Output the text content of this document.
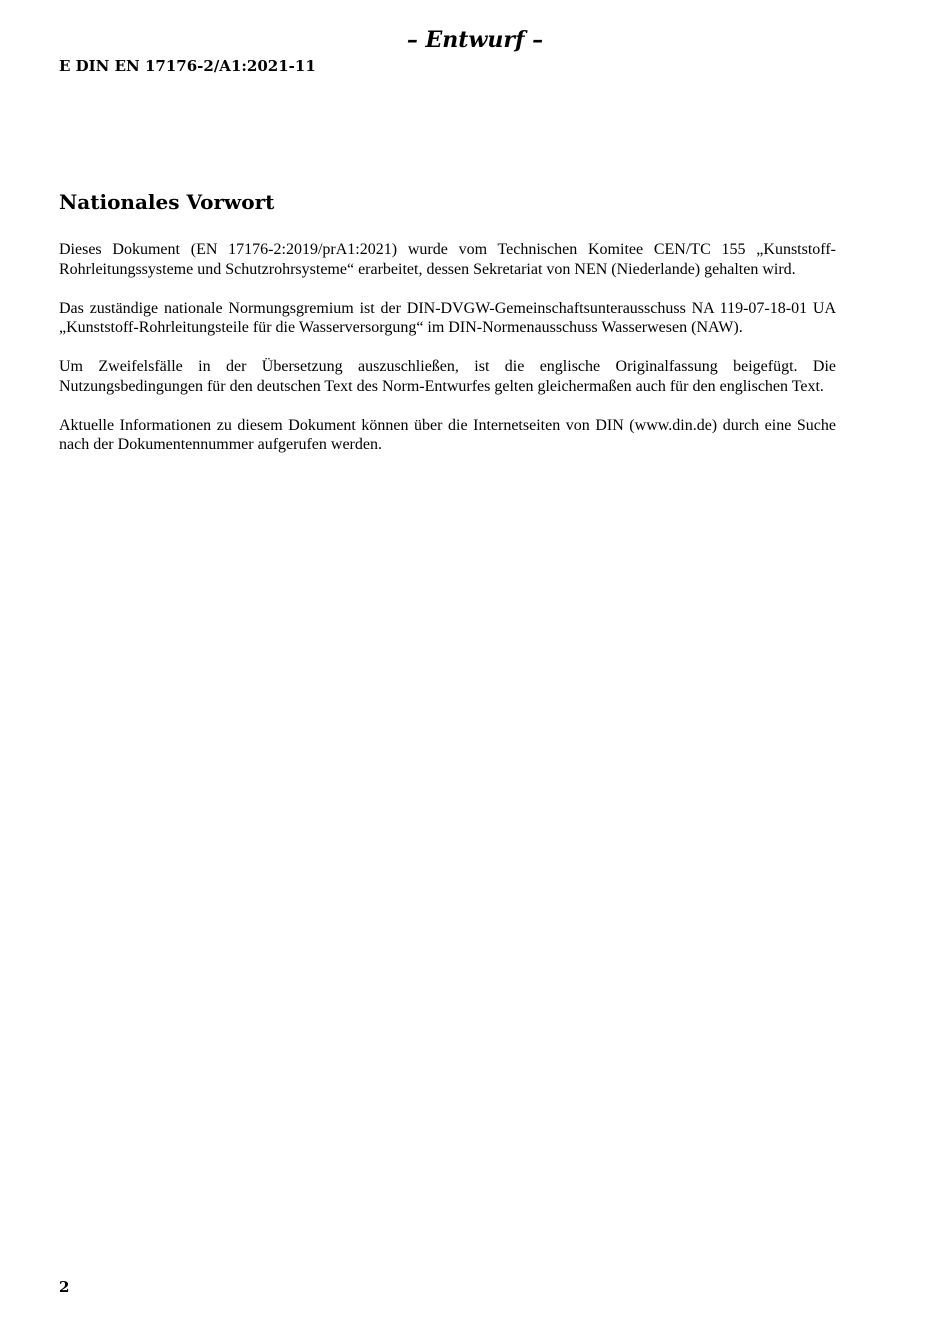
– Entwurf –
E DIN EN 17176-2/A1:2021-11
Nationales Vorwort

Dieses Dokument (EN 17176-2:2019/prA1:2021) wurde vom Technischen Komitee CEN/TC 155 „Kunststoff-Rohrleitungssysteme und Schutzrohrsysteme“ erarbeitet, dessen Sekretariat von NEN (Niederlande) gehalten wird.

Das zuständige nationale Normungsgremium ist der DIN-DVGW-Gemeinschaftsunterausschuss NA 119-07-18-01 UA „Kunststoff-Rohrleitungsteile für die Wasserversorgung“ im DIN-Normenausschuss Wasserwesen (NAW).

Um Zweifelsfälle in der Übersetzung auszuschließen, ist die englische Originalfassung beigefügt. Die Nutzungsbedingungen für den deutschen Text des Norm-Entwurfes gelten gleichermaßen auch für den englischen Text.

Aktuelle Informationen zu diesem Dokument können über die Internetseiten von DIN (www.din.de) durch eine Suche nach der Dokumentennummer aufgerufen werden.

2
